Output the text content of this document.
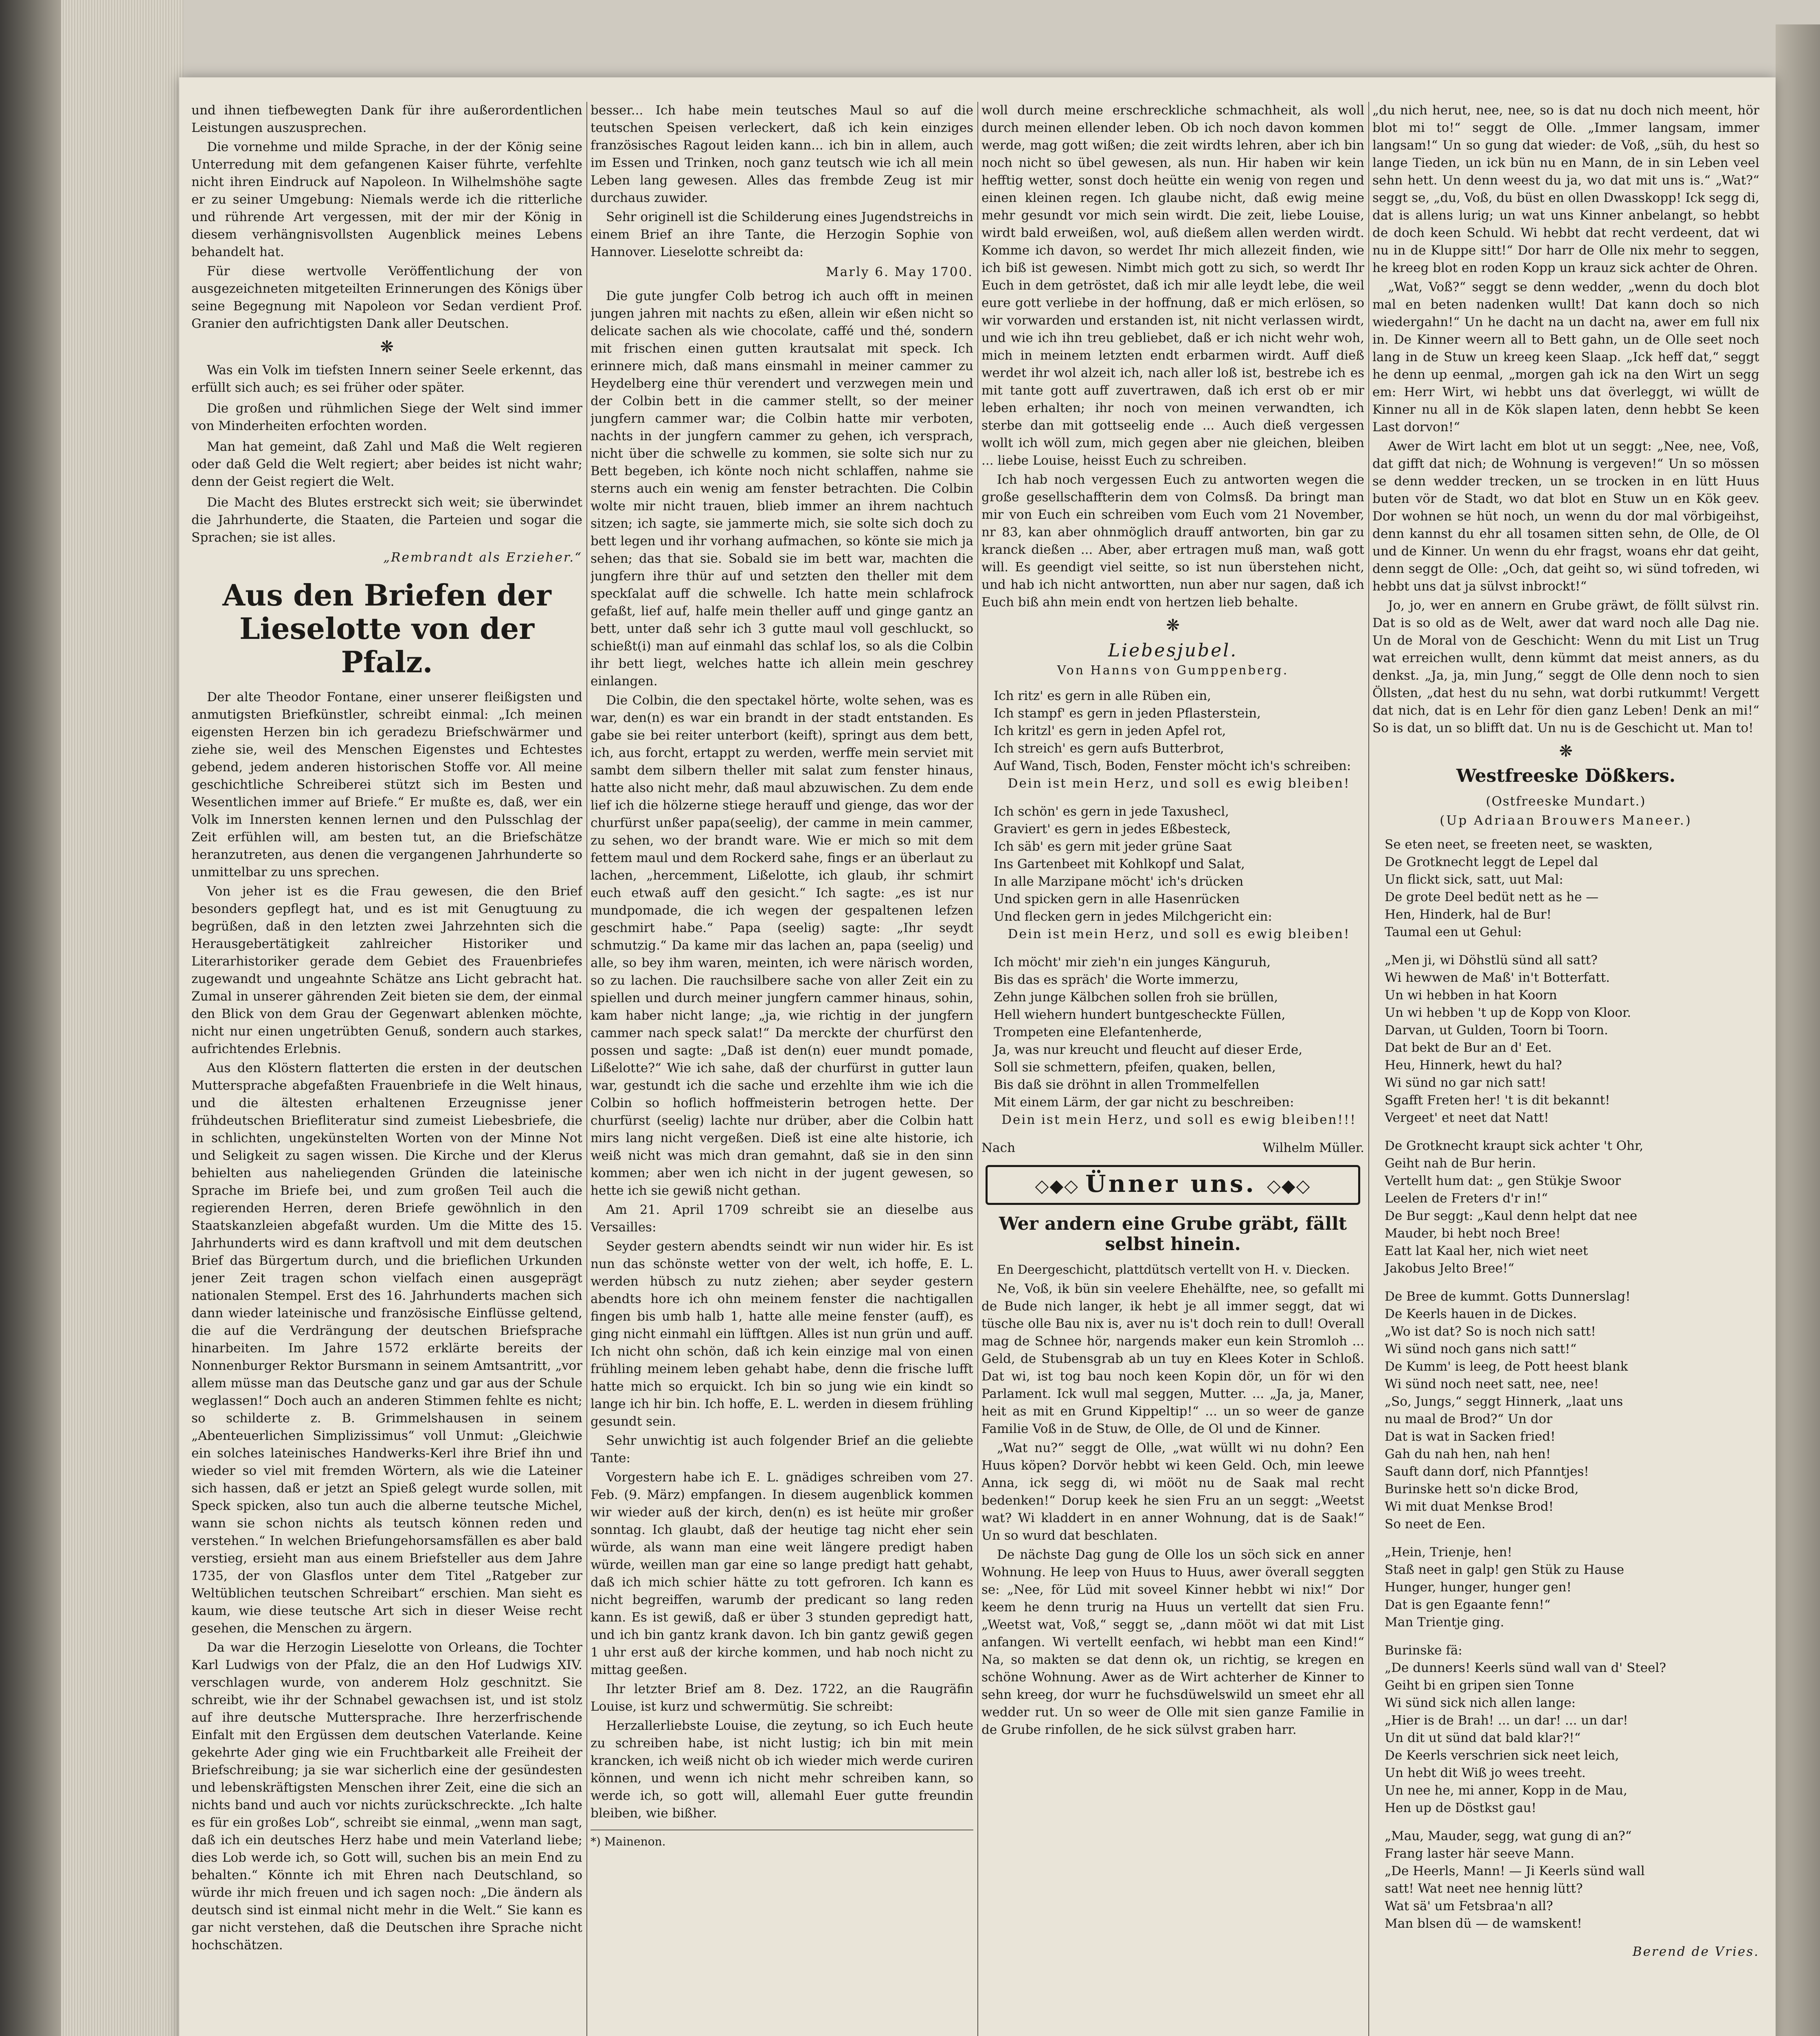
und ihnen tiefbewegten Dank für ihre außerordentlichen Leistungen auszusprechen.

Die vornehme und milde Sprache, in der der König seine Unterredung mit dem gefangenen Kaiser führte, verfehlte nicht ihren Eindruck auf Napoleon. In Wilhelmshöhe sagte er zu seiner Umgebung: Niemals werde ich die ritterliche und rührende Art vergessen, mit der mir der König in diesem verhängnisvollsten Augenblick meines Lebens behandelt hat.

Für diese wertvolle Veröffentlichung der von ausgezeichneten mitgeteilten Erinnerungen des Königs über seine Begegnung mit Napoleon vor Sedan verdient Prof. Granier den aufrichtigsten Dank aller Deutschen.

❋

Was ein Volk im tiefsten Innern seiner Seele erkennt, das erfüllt sich auch; es sei früher oder später.

Die großen und rühmlichen Siege der Welt sind immer von Minderheiten erfochten worden.

Man hat gemeint, daß Zahl und Maß die Welt regieren oder daß Geld die Welt regiert; aber beides ist nicht wahr; denn der Geist regiert die Welt.

Die Macht des Blutes erstreckt sich weit; sie überwindet die Jahrhunderte, die Staaten, die Parteien und sogar die Sprachen; sie ist alles.

„Rembrandt als Erzieher.“
Aus den Briefen der Lieselotte von der Pfalz.

Der alte Theodor Fontane, einer unserer fleißigsten und anmutigsten Briefkünstler, schreibt einmal: „Ich meinen eigensten Herzen bin ich geradezu Briefschwärmer und ziehe sie, weil des Menschen Eigenstes und Echtestes gebend, jedem anderen historischen Stoffe vor. All meine geschichtliche Schreiberei stützt sich im Besten und Wesentlichen immer auf Briefe.“ Er mußte es, daß, wer ein Volk im Innersten kennen lernen und den Pulsschlag der Zeit erfühlen will, am besten tut, an die Briefschätze heranzutreten, aus denen die vergangenen Jahrhunderte so unmittelbar zu uns sprechen.

Von jeher ist es die Frau gewesen, die den Brief besonders gepflegt hat, und es ist mit Genugtuung zu begrüßen, daß in den letzten zwei Jahrzehnten sich die Herausgebertätigkeit zahlreicher Historiker und Literarhistoriker gerade dem Gebiet des Frauenbriefes zugewandt und ungeahnte Schätze ans Licht gebracht hat. Zumal in unserer gährenden Zeit bieten sie dem, der einmal den Blick von dem Grau der Gegenwart ablenken möchte, nicht nur einen ungetrübten Genuß, sondern auch starkes, aufrichtendes Erlebnis.

Aus den Klöstern flatterten die ersten in der deutschen Muttersprache abgefaßten Frauenbriefe in die Welt hinaus, und die ältesten erhaltenen Erzeugnisse jener frühdeutschen Briefliteratur sind zumeist Liebesbriefe, die in schlichten, ungekünstelten Worten von der Minne Not und Seligkeit zu sagen wissen. Die Kirche und der Klerus behielten aus naheliegenden Gründen die lateinische Sprache im Briefe bei, und zum großen Teil auch die regierenden Herren, deren Briefe gewöhnlich in den Staatskanzleien abgefaßt wurden. Um die Mitte des 15. Jahrhunderts wird es dann kraftvoll und mit dem deutschen Brief das Bürgertum durch, und die brieflichen Urkunden jener Zeit tragen schon vielfach einen ausgeprägt nationalen Stempel. Erst des 16. Jahrhunderts machen sich dann wieder lateinische und französische Einflüsse geltend, die auf die Verdrängung der deutschen Briefsprache hinarbeiten. Im Jahre 1572 erklärte bereits der Nonnenburger Rektor Bursmann in seinem Amtsantritt, „vor allem müsse man das Deutsche ganz und gar aus der Schule weglassen!“ Doch auch an anderen Stimmen fehlte es nicht; so schilderte z. B. Grimmelshausen in seinem „Abenteuerlichen Simplizissimus“ voll Unmut: „Gleichwie ein solches lateinisches Handwerks-Kerl ihre Brief ihn und wieder so viel mit fremden Wörtern, als wie die Lateiner sich hassen, daß er jetzt an Spieß gelegt wurde sollen, mit Speck spicken, also tun auch die alberne teutsche Michel, wann sie schon nichts als teutsch können reden und verstehen.“ In welchen Briefungehorsamsfällen es aber bald verstieg, ersieht man aus einem Briefsteller aus dem Jahre 1735, der von Glasflos unter dem Titel „Ratgeber zur Weltüblichen teutschen Schreibart“ erschien. Man sieht es kaum, wie diese teutsche Art sich in dieser Weise recht gesehen, die Menschen zu ärgern.

Da war die Herzogin Lieselotte von Orleans, die Tochter Karl Ludwigs von der Pfalz, die an den Hof Ludwigs XIV. verschlagen wurde, von anderem Holz geschnitzt. Sie schreibt, wie ihr der Schnabel gewachsen ist, und ist stolz auf ihre deutsche Muttersprache. Ihre herzerfrischende Einfalt mit den Ergüssen dem deutschen Vaterlande. Keine gekehrte Ader ging wie ein Fruchtbarkeit alle Freiheit der Briefschreibung; ja sie war sicherlich eine der gesündesten und lebenskräftigsten Menschen ihrer Zeit, eine die sich an nichts band und auch vor nichts zurückschreckte. „Ich halte es für ein großes Lob“, schreibt sie einmal, „wenn man sagt, daß ich ein deutsches Herz habe und mein Vaterland liebe; dies Lob werde ich, so Gott will, suchen bis an mein End zu behalten.“ Könnte ich mit Ehren nach Deutschland, so würde ihr mich freuen und ich sagen noch: „Die ändern als deutsch sind ist einmal nicht mehr in die Welt.“ Sie kann es gar nicht verstehen, daß die Deutschen ihre Sprache nicht hochschätzen.

besser... Ich habe mein teutsches Maul so auf die teutschen Speisen verleckert, daß ich kein einziges französisches Ragout leiden kann... ich bin in allem, auch im Essen und Trinken, noch ganz teutsch wie ich all mein Leben lang gewesen. Alles das frembde Zeug ist mir durchaus zuwider.

Sehr originell ist die Schilderung eines Jugendstreichs in einem Brief an ihre Tante, die Herzogin Sophie von Hannover. Lieselotte schreibt da:

Marly 6. May 1700.

Die gute jungfer Colb betrog ich auch offt in meinen jungen jahren mit nachts zu eßen, allein wir eßen nicht so delicate sachen als wie chocolate, caffé und thé, sondern mit frischen einen gutten krautsalat mit speck. Ich erinnere mich, daß mans einsmahl in meiner cammer zu Heydelberg eine thür verendert und verzwegen mein und der Colbin bett in die cammer stellt, so der meiner jungfern cammer war; die Colbin hatte mir verboten, nachts in der jungfern cammer zu gehen, ich versprach, nicht über die schwelle zu kommen, sie solte sich nur zu Bett begeben, ich könte noch nicht schlaffen, nahme sie sterns auch ein wenig am fenster betrachten. Die Colbin wolte mir nicht trauen, blieb immer an ihrem nachtuch sitzen; ich sagte, sie jammerte mich, sie solte sich doch zu bett legen und ihr vorhang aufmachen, so könte sie mich ja sehen; das that sie. Sobald sie im bett war, machten die jungfern ihre thür auf und setzten den theller mit dem speckſalat auff die schwelle. Ich hatte mein schlafrock gefaßt, lief auf, halfe mein theller auff und ginge gantz an bett, unter daß sehr ich 3 gutte maul voll geschluckt, so schießt(i) man auf einmahl das schlaf los, so als die Colbin ihr bett liegt, welches hatte ich allein mein geschrey einlangen.

Die Colbin, die den spectakel hörte, wolte sehen, was es war, den(n) es war ein brandt in der stadt entstanden. Es gabe sie bei reiter unterbort (keift), springt aus dem bett, ich, aus forcht, ertappt zu werden, werffe mein serviet mit sambt dem silbern theller mit salat zum fenster hinaus, hatte also nicht mehr, daß maul abzuwischen. Zu dem ende lief ich die hölzerne stiege herauff und gienge, das wor der churfürst unßer papa(seelig), der camme in mein cammer, zu sehen, wo der brandt ware. Wie er mich so mit dem fettem maul und dem Rockerd sahe, fings er an überlaut zu lachen, „hercemment, Lißelotte, ich glaub, ihr schmirt euch etwaß auff den gesicht.“ Ich sagte: „es ist nur mundpomade, die ich wegen der gespaltenen lefzen geschmirt habe.“ Papa (seelig) sagte: „Ihr seydt schmutzig.“ Da kame mir das lachen an, papa (seelig) und alle, so bey ihm waren, meinten, ich were närisch worden, so zu lachen. Die rauchsilbere sache von aller Zeit ein zu spiellen und durch meiner jungfern cammer hinaus, sohin, kam haber nicht lange; „ja, wie richtig in der jungfern cammer nach speck salat!“ Da merckte der churfürst den possen und sagte: „Daß ist den(n) euer mundt pomade, Lißelotte?“ Wie ich sahe, daß der churfürst in gutter laun war, gestundt ich die sache und erzehlte ihm wie ich die Colbin so hoflich hoffmeisterin betrogen hette. Der churfürst (seelig) lachte nur drüber, aber die Colbin hatt mirs lang nicht vergeßen. Dieß ist eine alte historie, ich weiß nicht was mich dran gemahnt, daß sie in den sinn kommen; aber wen ich nicht in der jugent gewesen, so hette ich sie gewiß nicht gethan.

Am 21. April 1709 schreibt sie an dieselbe aus Versailles:

Seyder gestern abendts seindt wir nun wider hir. Es ist nun das schönste wetter von der welt, ich hoffe, E. L. werden hübsch zu nutz ziehen; aber seyder gestern abendts hore ich ohn meinem fenster die nachtigallen fingen bis umb halb 1, hatte alle meine fenster (auff), es ging nicht einmahl ein lüfftgen. Alles ist nun grün und auff. Ich nicht ohn schön, daß ich kein einzige mal von einen frühling meinem leben gehabt habe, denn die frische lufft hatte mich so erquickt. Ich bin so jung wie ein kindt so lange ich hir bin. Ich hoffe, E. L. werden in diesem frühling gesundt sein.

Sehr unwichtig ist auch folgender Brief an die geliebte Tante:

Vorgestern habe ich E. L. gnädiges schreiben vom 27. Feb. (9. März) empfangen. In diesem augenblick kommen wir wieder auß der kirch, den(n) es ist heüte mir großer sonntag. Ich glaubt, daß der heutige tag nicht eher sein würde, als wann man eine weit längere predigt haben würde, weillen man gar eine so lange predigt hatt gehabt, daß ich mich schier hätte zu tott gefroren. Ich kann es nicht begreiffen, warumb der predicant so lang reden kann. Es ist gewiß, daß er über 3 stunden gepredigt hatt, und ich bin gantz krank davon. Ich bin gantz gewiß gegen 1 uhr erst auß der kirche kommen, und hab noch nicht zu mittag geeßen.

Ihr letzter Brief am 8. Dez. 1722, an die Raugräfin Louise, ist kurz und schwermütig. Sie schreibt:

Herzallerliebste Louise, die zeytung, so ich Euch heute zu schreiben habe, ist nicht lustig; ich bin mit mein krancken, ich weiß nicht ob ich wieder mich werde curiren können, und wenn ich nicht mehr schreiben kann, so werde ich, so gott will, allemahl Euer gutte freundin bleiben, wie bißher.

*) Mainenon.

woll durch meine erschreckliche schmachheit, als woll durch meinen ellender leben. Ob ich noch davon kommen werde, mag gott wißen; die zeit wirdts lehren, aber ich bin noch nicht so übel gewesen, als nun. Hir haben wir kein hefftig wetter, sonst doch heütte ein wenig von regen und einen kleinen regen. Ich glaube nicht, daß ewig meine mehr gesundt vor mich sein wirdt. Die zeit, liebe Louise, wirdt bald erweißen, wol, auß dießem allen werden wirdt. Komme ich davon, so werdet Ihr mich allezeit finden, wie ich biß ist gewesen. Nimbt mich gott zu sich, so werdt Ihr Euch in dem getröstet, daß ich mir alle leydt lebe, die weil eure gott verliebe in der hoffnung, daß er mich erlösen, so wir vorwarden und erstanden ist, nit nicht verlassen wirdt, und wie ich ihn treu gebliebet, daß er ich nicht wehr woh, mich in meinem letzten endt erbarmen wirdt. Auff dieß werdet ihr wol alzeit ich, nach aller loß ist, bestrebe ich es mit tante gott auff zuvertrawen, daß ich erst ob er mir leben erhalten; ihr noch von meinen verwandten, ich sterbe dan mit gottseelig ende ... Auch dieß vergessen wollt ich wöll zum, mich gegen aber nie gleichen, bleiben ... liebe Louise, heisst Euch zu schreiben.

Ich hab noch vergessen Euch zu antworten wegen die große gesellschaffterin dem von Colmsß. Da bringt man mir von Euch ein schreiben vom Euch vom 21 November, nr 83, kan aber ohnmöglich drauff antworten, bin gar zu kranck dießen ... Aber, aber ertragen muß man, waß gott will. Es geendigt viel seitte, so ist nun überstehen nicht, und hab ich nicht antwortten, nun aber nur sagen, daß ich Euch biß ahn mein endt von hertzen lieb behalte.

❋
Liebesjubel.
Von Hanns von Gumppenberg.
Ich ritz' es gern in alle Rüben ein,
Ich stampf' es gern in jeden Pflasterstein,
Ich kritzl' es gern in jeden Apfel rot,
Ich streich' es gern aufs Butterbrot,
Auf Wand, Tisch, Boden, Fenster möcht ich's schreiben:
Dein ist mein Herz, und soll es ewig bleiben!
Ich schön' es gern in jede Taxushecl,
Graviert' es gern in jedes Eßbesteck,
Ich säb' es gern mit jeder grüne Saat
Ins Gartenbeet mit Kohlkopf und Salat,
In alle Marzipane möcht' ich's drücken
Und spicken gern in alle Hasenrücken
Und flecken gern in jedes Milchgericht ein:
Dein ist mein Herz, und soll es ewig bleiben!
Ich möcht' mir zieh'n ein junges Känguruh,
Bis das es spräch' die Worte immerzu,
Zehn junge Kälbchen sollen froh sie brüllen,
Hell wiehern hundert buntgescheckte Füllen,
Trompeten eine Elefantenherde,
Ja, was nur kreucht und fleucht auf dieser Erde,
Soll sie schmettern, pfeifen, quaken, bellen,
Bis daß sie dröhnt in allen Trommelfellen
Mit einem Lärm, der gar nicht zu beschreiben:
Dein ist mein Herz, und soll es ewig bleiben!!!
Nach	Wilhelm Müller.
◇◆◇ Ünner uns. ◇◆◇
Wer andern eine Grube gräbt, fällt selbst hinein.

En Deergeschicht, plattdütsch vertellt von H. v. Diecken.

Ne, Voß, ik bün sin veelere Ehehälfte, nee, so gefallt mi de Bude nich langer, ik hebt je all immer seggt, dat wi tüsche olle Bau nix is, aver nu is't doch rein to dull! Overall mag de Schnee hör, nargends maker eun kein Stromloh ... Geld, de Stubensgrab ab un tuy en Klees Koter in Schloß. Dat wi, ist tog bau noch keen Kopin dör, un för wi den Parlament. Ick wull mal seggen, Mutter. ... „Ja, ja, Maner, heit as mit en Grund Kippeltip!“ ... un so weer de ganze Familie Voß in de Stuw, de Olle, de Ol und de Kinner.

„Wat nu?“ seggt de Olle, „wat wüllt wi nu dohn? Een Huus köpen? Dorvör hebbt wi keen Geld. Och, min leewe Anna, ick segg di, wi mööt nu de Saak mal recht bedenken!“ Dorup keek he sien Fru an un seggt: „Weetst wat? Wi kladdert in en anner Wohnung, dat is de Saak!“ Un so wurd dat beschlaten.

De nächste Dag gung de Olle los un söch sick en anner Wohnung. He leep von Huus to Huus, awer överall seggten se: „Nee, för Lüd mit soveel Kinner hebbt wi nix!“ Dor keem he denn trurig na Huus un vertellt dat sien Fru. „Weetst wat, Voß,“ seggt se, „dann mööt wi dat mit List anfangen. Wi vertellt eenfach, wi hebbt man een Kind!“ Na, so makten se dat denn ok, un richtig, se kregen en schöne Wohnung. Awer as de Wirt achterher de Kinner to sehn kreeg, dor wurr he fuchsdüwelswild un smeet ehr all wedder rut. Un so weer de Olle mit sien ganze Familie in de Grube rinfollen, de he sick sülvst graben harr.

„du nich herut, nee, nee, so is dat nu doch nich meent, hör blot mi to!“ seggt de Olle. „Immer langsam, immer langsam!“ Un so gung dat wieder: de Voß, „süh, du hest so lange Tieden, un ick bün nu en Mann, de in sin Leben veel sehn hett. Un denn weest du ja, wo dat mit uns is.“ „Wat?“ seggt se, „du, Voß, du büst en ollen Dwasskopp! Ick segg di, dat is allens lurig; un wat uns Kinner anbelangt, so hebbt de doch keen Schuld. Wi hebbt dat recht verdeent, dat wi nu in de Kluppe sitt!“ Dor harr de Olle nix mehr to seggen, he kreeg blot en roden Kopp un krauz sick achter de Ohren.

„Wat, Voß?“ seggt se denn wedder, „wenn du doch blot mal en beten nadenken wullt! Dat kann doch so nich wiedergahn!“ Un he dacht na un dacht na, awer em full nix in. De Kinner weern all to Bett gahn, un de Olle seet noch lang in de Stuw un kreeg keen Slaap. „Ick heff dat,“ seggt he denn up eenmal, „morgen gah ick na den Wirt un segg em: Herr Wirt, wi hebbt uns dat överleggt, wi wüllt de Kinner nu all in de Kök slapen laten, denn hebbt Se keen Last dorvon!“

Awer de Wirt lacht em blot ut un seggt: „Nee, nee, Voß, dat gifft dat nich; de Wohnung is vergeven!“ Un so mössen se denn wedder trecken, un se trocken in en lütt Huus buten vör de Stadt, wo dat blot en Stuw un en Kök geev. Dor wohnen se hüt noch, un wenn du dor mal vörbigeihst, denn kannst du ehr all tosamen sitten sehn, de Olle, de Ol und de Kinner. Un wenn du ehr fragst, woans ehr dat geiht, denn seggt de Olle: „Och, dat geiht so, wi sünd tofreden, wi hebbt uns dat ja sülvst inbrockt!“

Jo, jo, wer en annern en Grube gräwt, de föllt sülvst rin. Dat is so old as de Welt, awer dat ward noch alle Dag nie. Un de Moral von de Geschicht: Wenn du mit List un Trug wat erreichen wullt, denn kümmt dat meist anners, as du denkst. „Ja, ja, min Jung,“ seggt de Olle denn noch to sien Öllsten, „dat hest du nu sehn, wat dorbi rutkummt! Vergett dat nich, dat is en Lehr för dien ganz Leben! Denk an mi!“ So is dat, un so blifft dat. Un nu is de Geschicht ut. Man to!

❋
Westfreeske Dößkers.
(Ostfreeske Mundart.)
(Up Adriaan Brouwers Maneer.)
Se eten neet, se freeten neet, se waskten,
De Grotknecht leggt de Lepel dal
Un flickt sick, satt, uut Mal:
De grote Deel bedüt nett as he —
Hen, Hinderk, hal de Bur!
Taumal een ut Gehul:
„Men ji, wi Döhstlü sünd all satt?
Wi hewwen de Maß' in't Botterfatt.
Un wi hebben in hat Koorn
Un wi hebben 't up de Kopp von Kloor.
Darvan, ut Gulden, Toorn bi Toorn.
Dat bekt de Bur an d' Eet.
Heu, Hinnerk, hewt du hal?
Wi sünd no gar nich satt!
Sgafft Freten her! 't is dit bekannt!
Vergeet' et neet dat Natt!
De Grotknecht kraupt sick achter 't Ohr,
Geiht nah de Bur herin.
Vertellt hum dat: „ gen Stükje Swoor
Leelen de Freters d'r in!“
De Bur seggt: „Kaul denn helpt dat nee
Mauder, bi hebt noch Bree!
Eatt lat Kaal her, nich wiet neet
Jakobus Jelto Bree!“
De Bree de kummt. Gotts Dunnerslag!
De Keerls hauen in de Dickes.
„Wo ist dat? So is noch nich satt!
Wi sünd noch gans nich satt!“
De Kumm' is leeg, de Pott heest blank
Wi sünd noch neet satt, nee, nee!
„So, Jungs,“ seggt Hinnerk, „laat uns
nu maal de Brod?“ Un dor
Dat is wat in Sacken fried!
Gah du nah hen, nah hen!
Sauft dann dorf, nich Pfanntjes!
Burinske hett so'n dicke Brod,
Wi mit duat Menkse Brod!
So neet de Een.
„Hein, Trienje, hen!
Staß neet in galp! gen Stük zu Hause
Hunger, hunger, hunger gen!
Dat is gen Egaante fenn!“
Man Trientje ging.
Burinske fä:
„De dunners! Keerls sünd wall van d' Steel?
Geiht bi en gripen sien Tonne
Wi sünd sick nich allen lange:
„Hier is de Brah! ... un dar! ... un dar!
Un dit ut sünd dat bald klar?!“
De Keerls verschrien sick neet leich,
Un hebt dit Wiß jo wees treeht.
Un nee he, mi anner, Kopp in de Mau,
Hen up de Döstkst gau!
„Mau, Mauder, segg, wat gung di an?“
Frang laster här seeve Mann.
„De Heerls, Mann! — Ji Keerls sünd wall
satt! Wat neet nee hennig lütt?
Wat sä' um Fetsbraa'n all?
Man blsen dü — de wamskent!
Berend de Vries.
